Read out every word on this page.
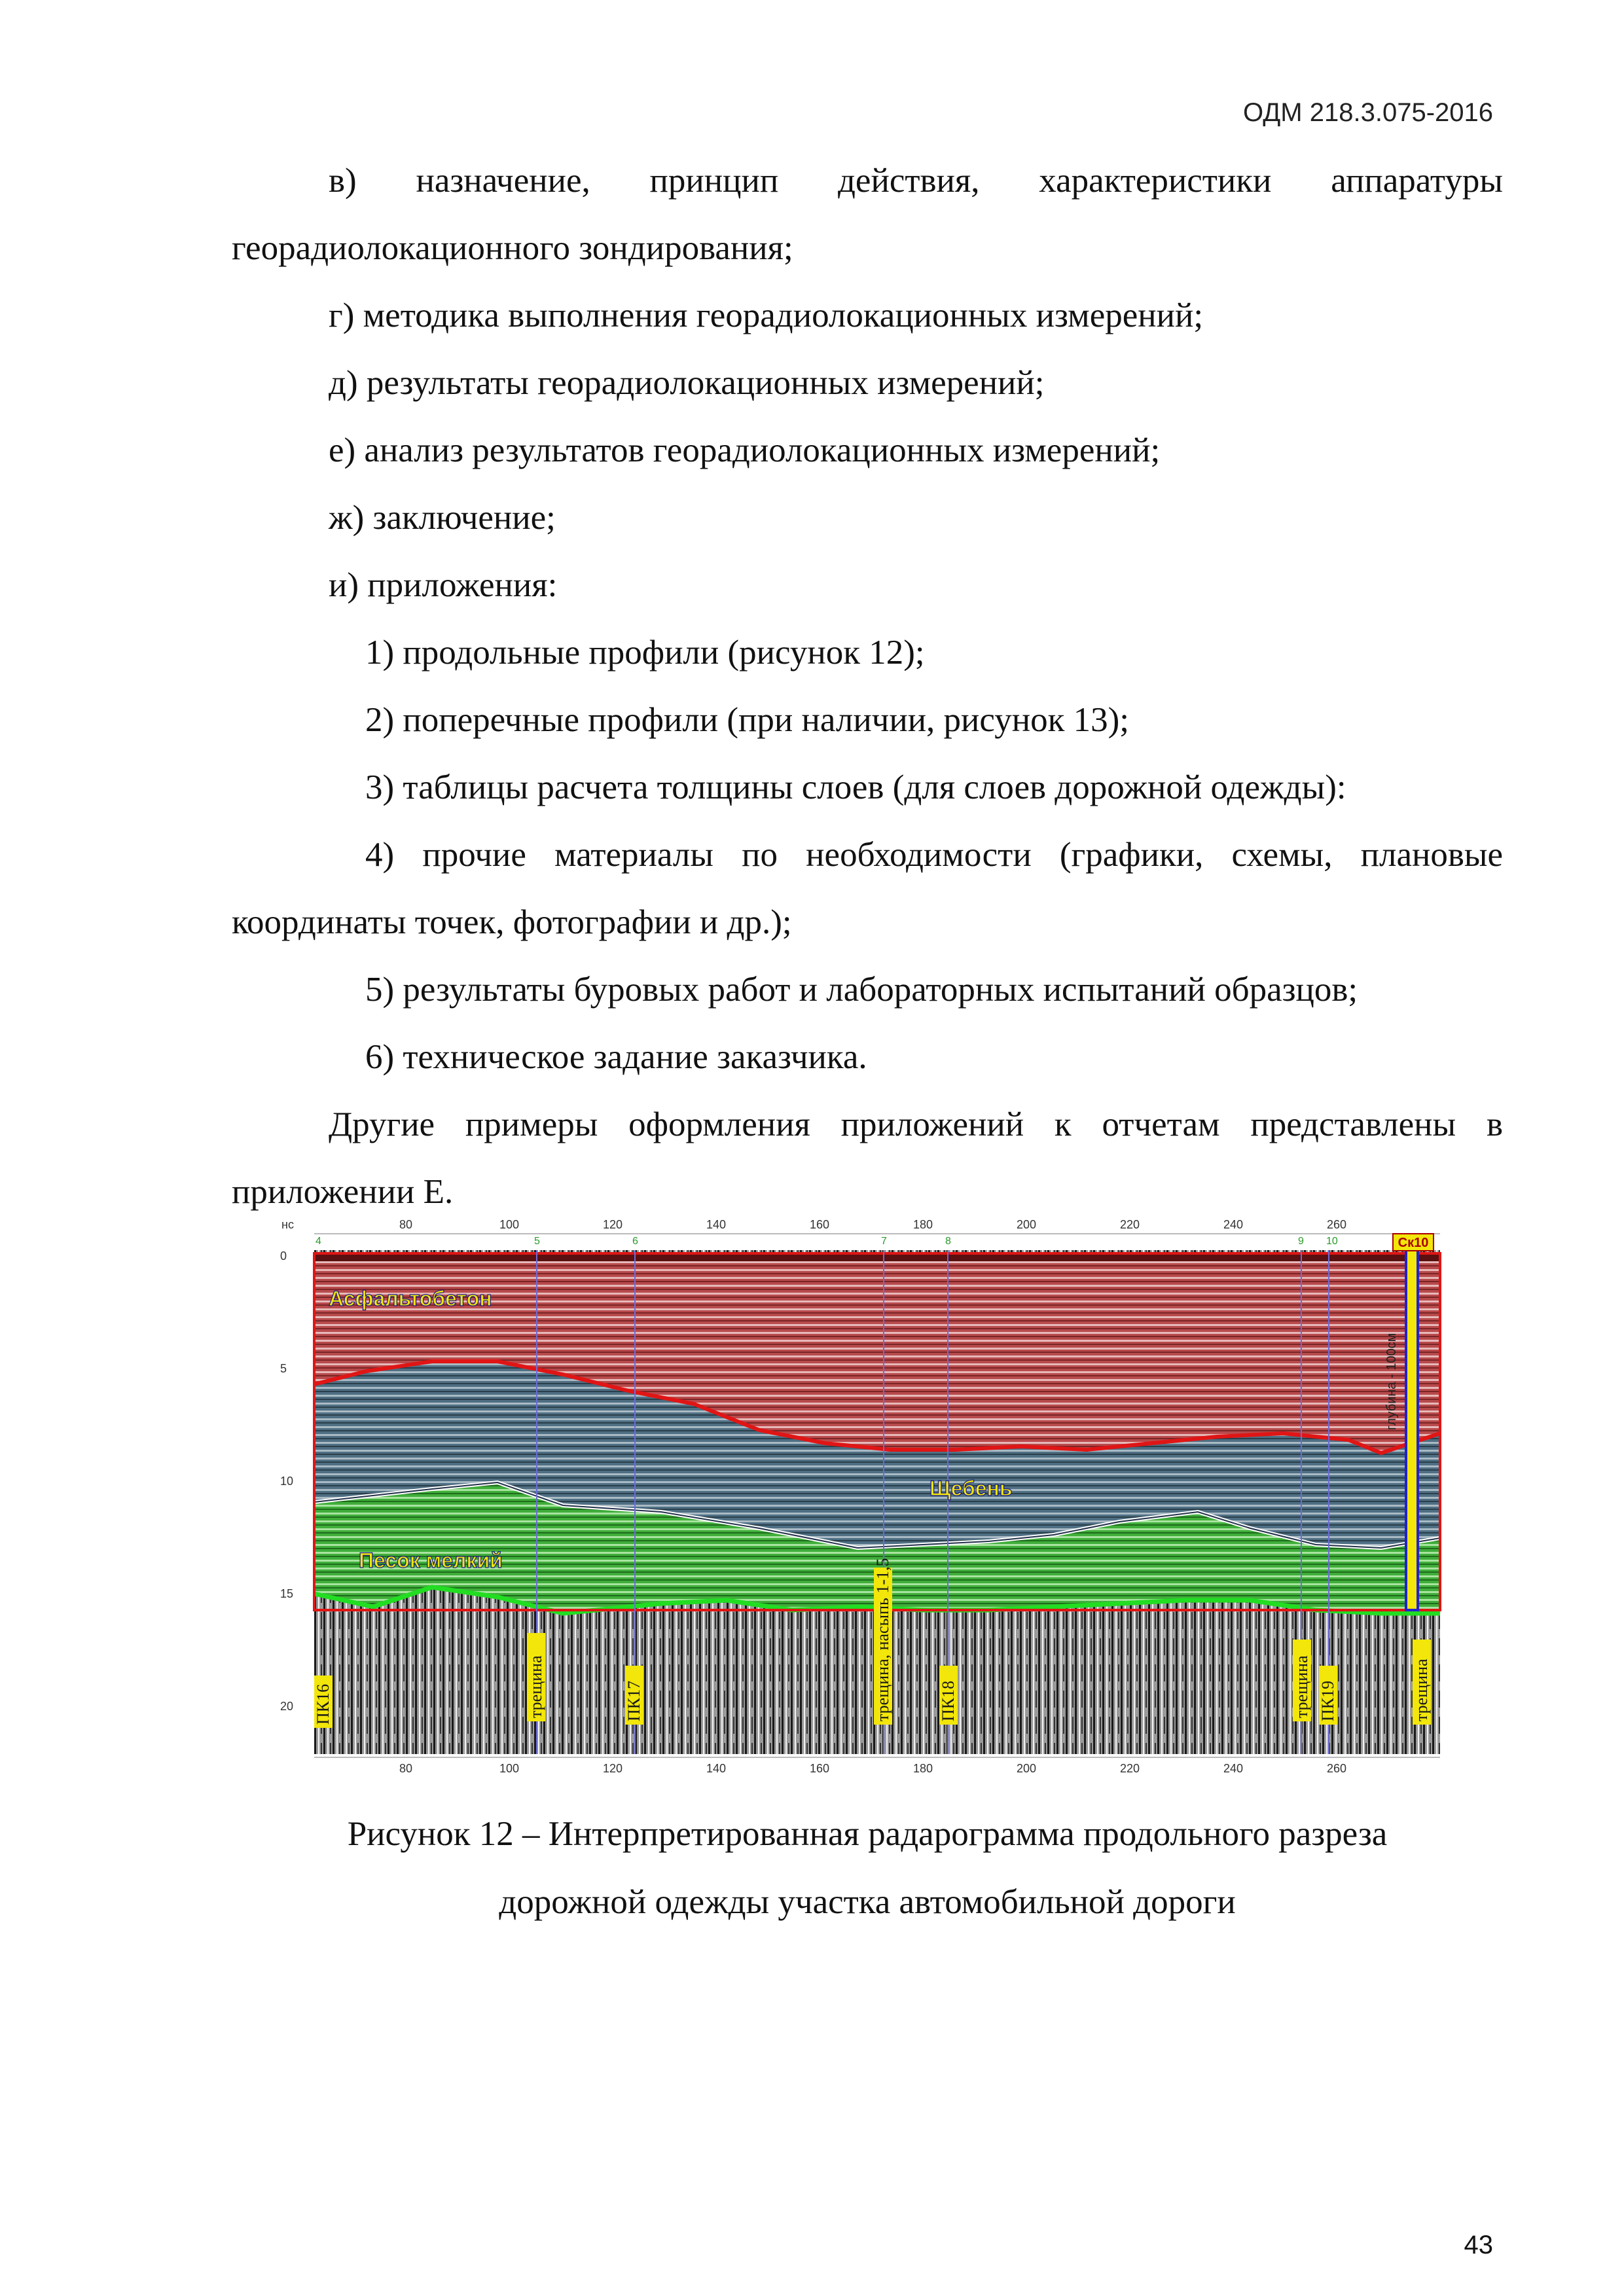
ОДМ 218.3.075-2016

в) назначение, принцип действия, характеристики аппаратуры георадиолокационного зондирования;

г) методика выполнения георадиолокационных измерений;

д) результаты георадиолокационных измерений;

е) анализ результатов георадиолокационных измерений;

ж) заключение;

и) приложения:

1) продольные профили (рисунок 12);

2) поперечные профили (при наличии, рисунок 13);

3) таблицы расчета толщины слоев (для слоев дорожной одежды):

4) прочие материалы по необходимости (графики, схемы, плановые координаты точек, фотографии и др.);

5) результаты буровых работ и лабораторных испытаний образцов;

6) техническое задание заказчика.

Другие примеры оформления приложений к отчетам представлены в приложении Е.

нс	80	100	120	140	160	180	200	220	240	260
4	5	6	7	8	9 10
0
5
10
15
20
Ск10
глубина - 100см
Асфальтобетон
Щебень
Песок мелкий
ПК16	трещина	ПК17	трещина, насыпь 1-1,5	ПК18	трещина ПК19	трещина
80	100	120	140	160	180	200	220	240	260
Рисунок 12 – Интерпретированная радарограмма продольного разреза
дорожной одежды участка автомобильной дороги
43
